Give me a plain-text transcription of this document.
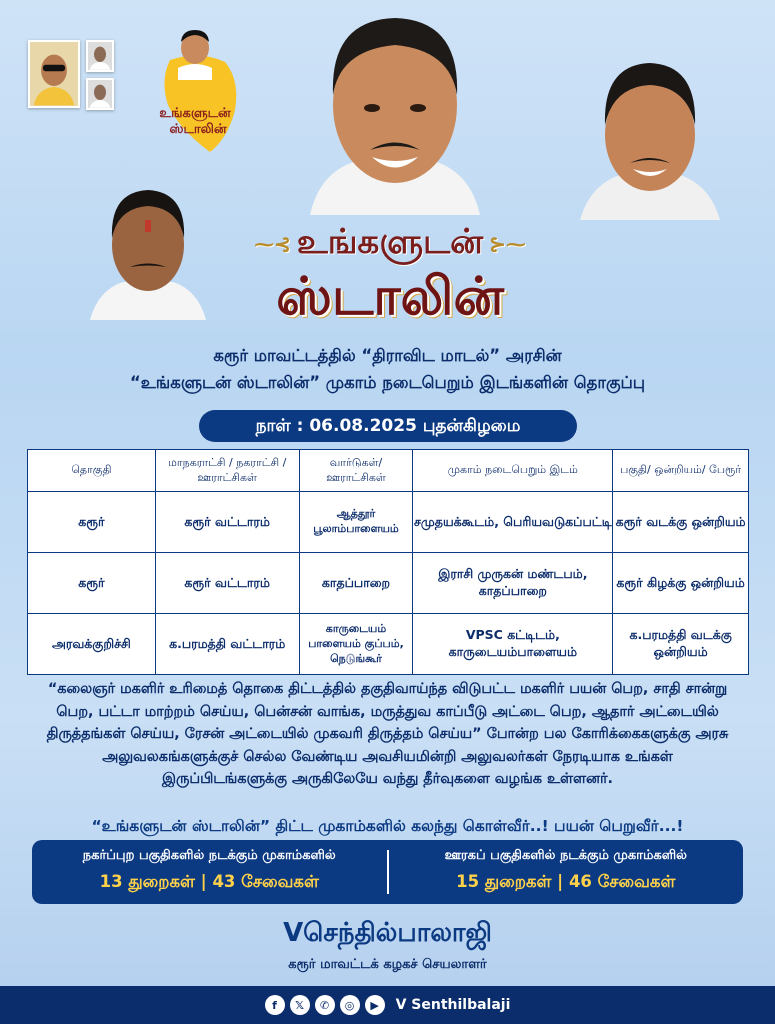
உங்களுடன்
ஸ்டாலின்
⁓⊰ உங்களுடன் ⊱⁓
ஸ்டாலின்
கரூர் மாவட்டத்தில் “திராவிட மாடல்” அரசின்
“உங்களுடன் ஸ்டாலின்” முகாம் நடைபெறும் இடங்களின் தொகுப்பு
நாள் : 06.08.2025 புதன்கிழமை
தொகுதி	மாநகராட்சி / நகராட்சி / ஊராட்சிகள்	வார்டுகள்/ ஊராட்சிகள்	முகாம் நடைபெறும் இடம்	பகுதி/ ஒன்றியம்/ பேரூர்
கரூர்	கரூர் வட்டாரம்	ஆத்தூர் பூலாம்பாளையம்	சமுதயக்கூடம், பெரியவடுகப்பட்டி	கரூர் வடக்கு ஒன்றியம்
கரூர்	கரூர் வட்டாரம்	காதப்பாறை	இராசி முருகன் மண்டபம், காதப்பாறை	கரூர் கிழக்கு ஒன்றியம்
அரவக்குறிச்சி	க.பரமத்தி வட்டாரம்	காருடையம் பாளையம் குப்பம், நெடுங்கூர்	VPSC கட்டிடம், காருடையம்பாளையம்	க.பரமத்தி வடக்கு ஒன்றியம்
“கலைஞர் மகளிர் உரிமைத் தொகை திட்டத்தில் தகுதிவாய்ந்த விடுபட்ட மகளிர் பயன் பெற, சாதி சான்று பெற, பட்டா மாற்றம் செய்ய, பென்சன் வாங்க, மருத்துவ காப்பீடு அட்டை பெற, ஆதார் அட்டையில் திருத்தங்கள் செய்ய, ரேசன் அட்டையில் முகவரி திருத்தம் செய்ய” போன்ற பல கோரிக்கைகளுக்கு அரசு அலுவலகங்களுக்குச் செல்ல வேண்டிய அவசியமின்றி அலுவலர்கள் நேரடியாக உங்கள் இருப்பிடங்களுக்கு அருகிலேயே வந்து தீர்வுகளை வழங்க உள்ளனர்.
“உங்களுடன் ஸ்டாலின்” திட்ட முகாம்களில் கலந்து கொள்வீர்..! பயன் பெறுவீர்...!
நகர்ப்புற பகுதிகளில் நடக்கும் முகாம்களில்
13 துறைகள் | 43 சேவைகள்
ஊரகப் பகுதிகளில் நடக்கும் முகாம்களில்
15 துறைகள் | 46 சேவைகள்
Vசெந்தில்பாலாஜி
கரூர் மாவட்டக் கழகச் செயலாளர்
f	𝕏	✆	◎	▶	V Senthilbalaji
